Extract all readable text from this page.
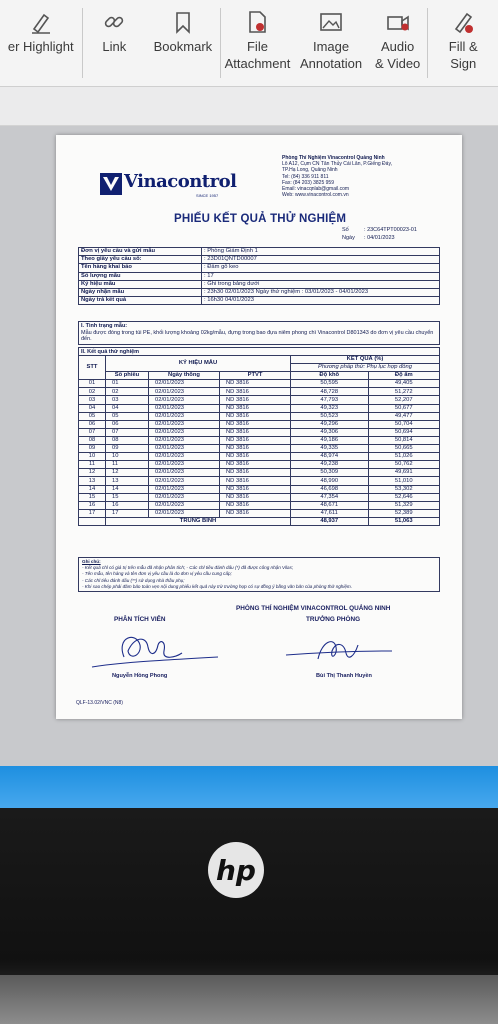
er Highlight Link Bookmark	File
Attachment
Image
Annotation
Audio
& Video
Fill &
Sign
Vinacontrol
SINCE 1957
Phòng Thí Nghiệm Vinacontrol Quảng Ninh
Lô A12, Cụm CN Tân Thủy Cái Lân, P.Giếng Đáy,
TP.Hạ Long, Quảng Ninh
Tel: (84) 336 911 811
Fax: (84 203) 3825 959
Email: vinacqnlab@gmail.com
Web: www.vinacontrol.com.vn
PHIẾU KẾT QUẢ THỬ NGHIỆM
Số	: 23C64TPT00023-01
Ngày : 04/01/2023
Đơn vị yêu cầu và gửi mẫu	: Phòng Giám Định 1
Theo giấy yêu cầu số:	: 23D01QNTD00007
Tên hàng khai báo	: Đầm gỗ keo
Số lượng mẫu	: 17
Ký hiệu mẫu	: Ghi trong bảng dưới
Ngày nhận mẫu	: 23h30 02/01/2023 Ngày thử nghiệm : 03/01/2023 - 04/01/2023
Ngày trả kết quả	: 16h30 04/01/2023
I. Tình trạng mẫu:
Mẫu được đóng trong túi PE, khối lượng khoảng 02kg/mẫu, đựng trong bao đựa niêm phong chì Vinacontrol D801343 do đơn vị yêu cầu chuyển đến.
II. Kết quả thử nghiệm
STT	KÝ HIỆU MẪU			KẾT QUẢ (%)	
				Phương pháp thử: Phụ lục hợp đồng	
	Số phiếu	Ngày thông	PTVT	Độ khô	Độ ẩm
01	01	02/01/2023	ND 3816	50,595	49,405
02	02	02/01/2023	ND 3816	48,728	51,272
03	03	02/01/2023	ND 3816	47,793	52,207
04	04	02/01/2023	ND 3816	49,323	50,677
05	05	02/01/2023	ND 3816	50,523	49,477
06	06	02/01/2023	ND 3816	49,296	50,704
07	07	02/01/2023	ND 3816	49,306	50,694
08	08	02/01/2023	ND 3816	49,186	50,814
09	09	02/01/2023	ND 3816	49,335	50,665
10	10	02/01/2023	ND 3816	48,974	51,026
11	11	02/01/2023	ND 3816	49,238	50,762
12	12	02/01/2023	ND 3816	50,309	49,691
13	13	02/01/2023	ND 3816	48,990	51,010
14	14	02/01/2023	ND 3816	46,698	53,302
15	15	02/01/2023	ND 3816	47,354	52,646
16	16	02/01/2023	ND 3816	48,671	51,329
17	17	02/01/2023	ND 3816	47,611	52,389
	TRUNG BÌNH			48,937	51,063
Ghi chú:
- Kết quả chỉ có giá trị trên mẫu đã nhận phân tích; - Các chỉ tiêu đánh dấu (*) đã được công nhận Vilas;
- Tên mẫu, tên hàng và tên đơn vị yêu cầu là do đơn vị yêu cầu cung cấp;
- Các chỉ tiêu đánh dấu (**) sử dụng nhà thầu phụ;
- Khi sao chép phải đảm bảo toàn vẹn nội dung phiếu kết quả này trừ trường hợp có sự đồng ý bằng văn bản của phòng thử nghiệm.
PHÒNG THÍ NGHIỆM VINACONTROL QUẢNG NINH
PHÂN TÍCH VIÊN	TRƯỞNG PHÒNG
Nguyễn Hồng Phong	Bùi Thị Thanh Huyền
QLF-13.02/VNC (N8)
hp
